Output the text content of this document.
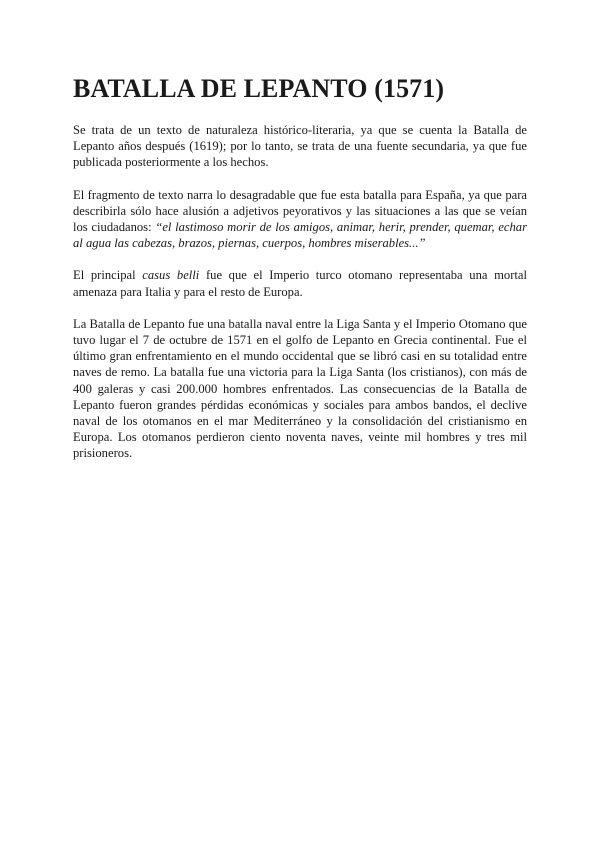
BATALLA DE LEPANTO (1571)

Se trata de un texto de naturaleza histórico-literaria, ya que se cuenta la Batalla de Lepanto años después (1619); por lo tanto, se trata de una fuente secundaria, ya que fue publicada posteriormente a los hechos.

El fragmento de texto narra lo desagradable que fue esta batalla para España, ya que para describirla sólo hace alusión a adjetivos peyorativos y las situaciones a las que se veían los ciudadanos: “el lastimoso morir de los amigos, animar, herir, prender, quemar, echar al agua las cabezas, brazos, piernas, cuerpos, hombres miserables...”

El principal casus belli fue que el Imperio turco otomano representaba una mortal amenaza para Italia y para el resto de Europa.

La Batalla de Lepanto fue una batalla naval entre la Liga Santa y el Imperio Otomano que tuvo lugar el 7 de octubre de 1571 en el golfo de Lepanto en Grecia continental. Fue el último gran enfrentamiento en el mundo occidental que se libró casi en su totalidad entre naves de remo. La batalla fue una victoria para la Liga Santa (los cristianos), con más de 400 galeras y casi 200.000 hombres enfrentados. Las consecuencias de la Batalla de Lepanto fueron grandes pérdidas económicas y sociales para ambos bandos, el declive naval de los otomanos en el mar Mediterráneo y la consolidación del cristianismo en Europa. Los otomanos perdieron ciento noventa naves, veinte mil hombres y tres mil prisioneros.
